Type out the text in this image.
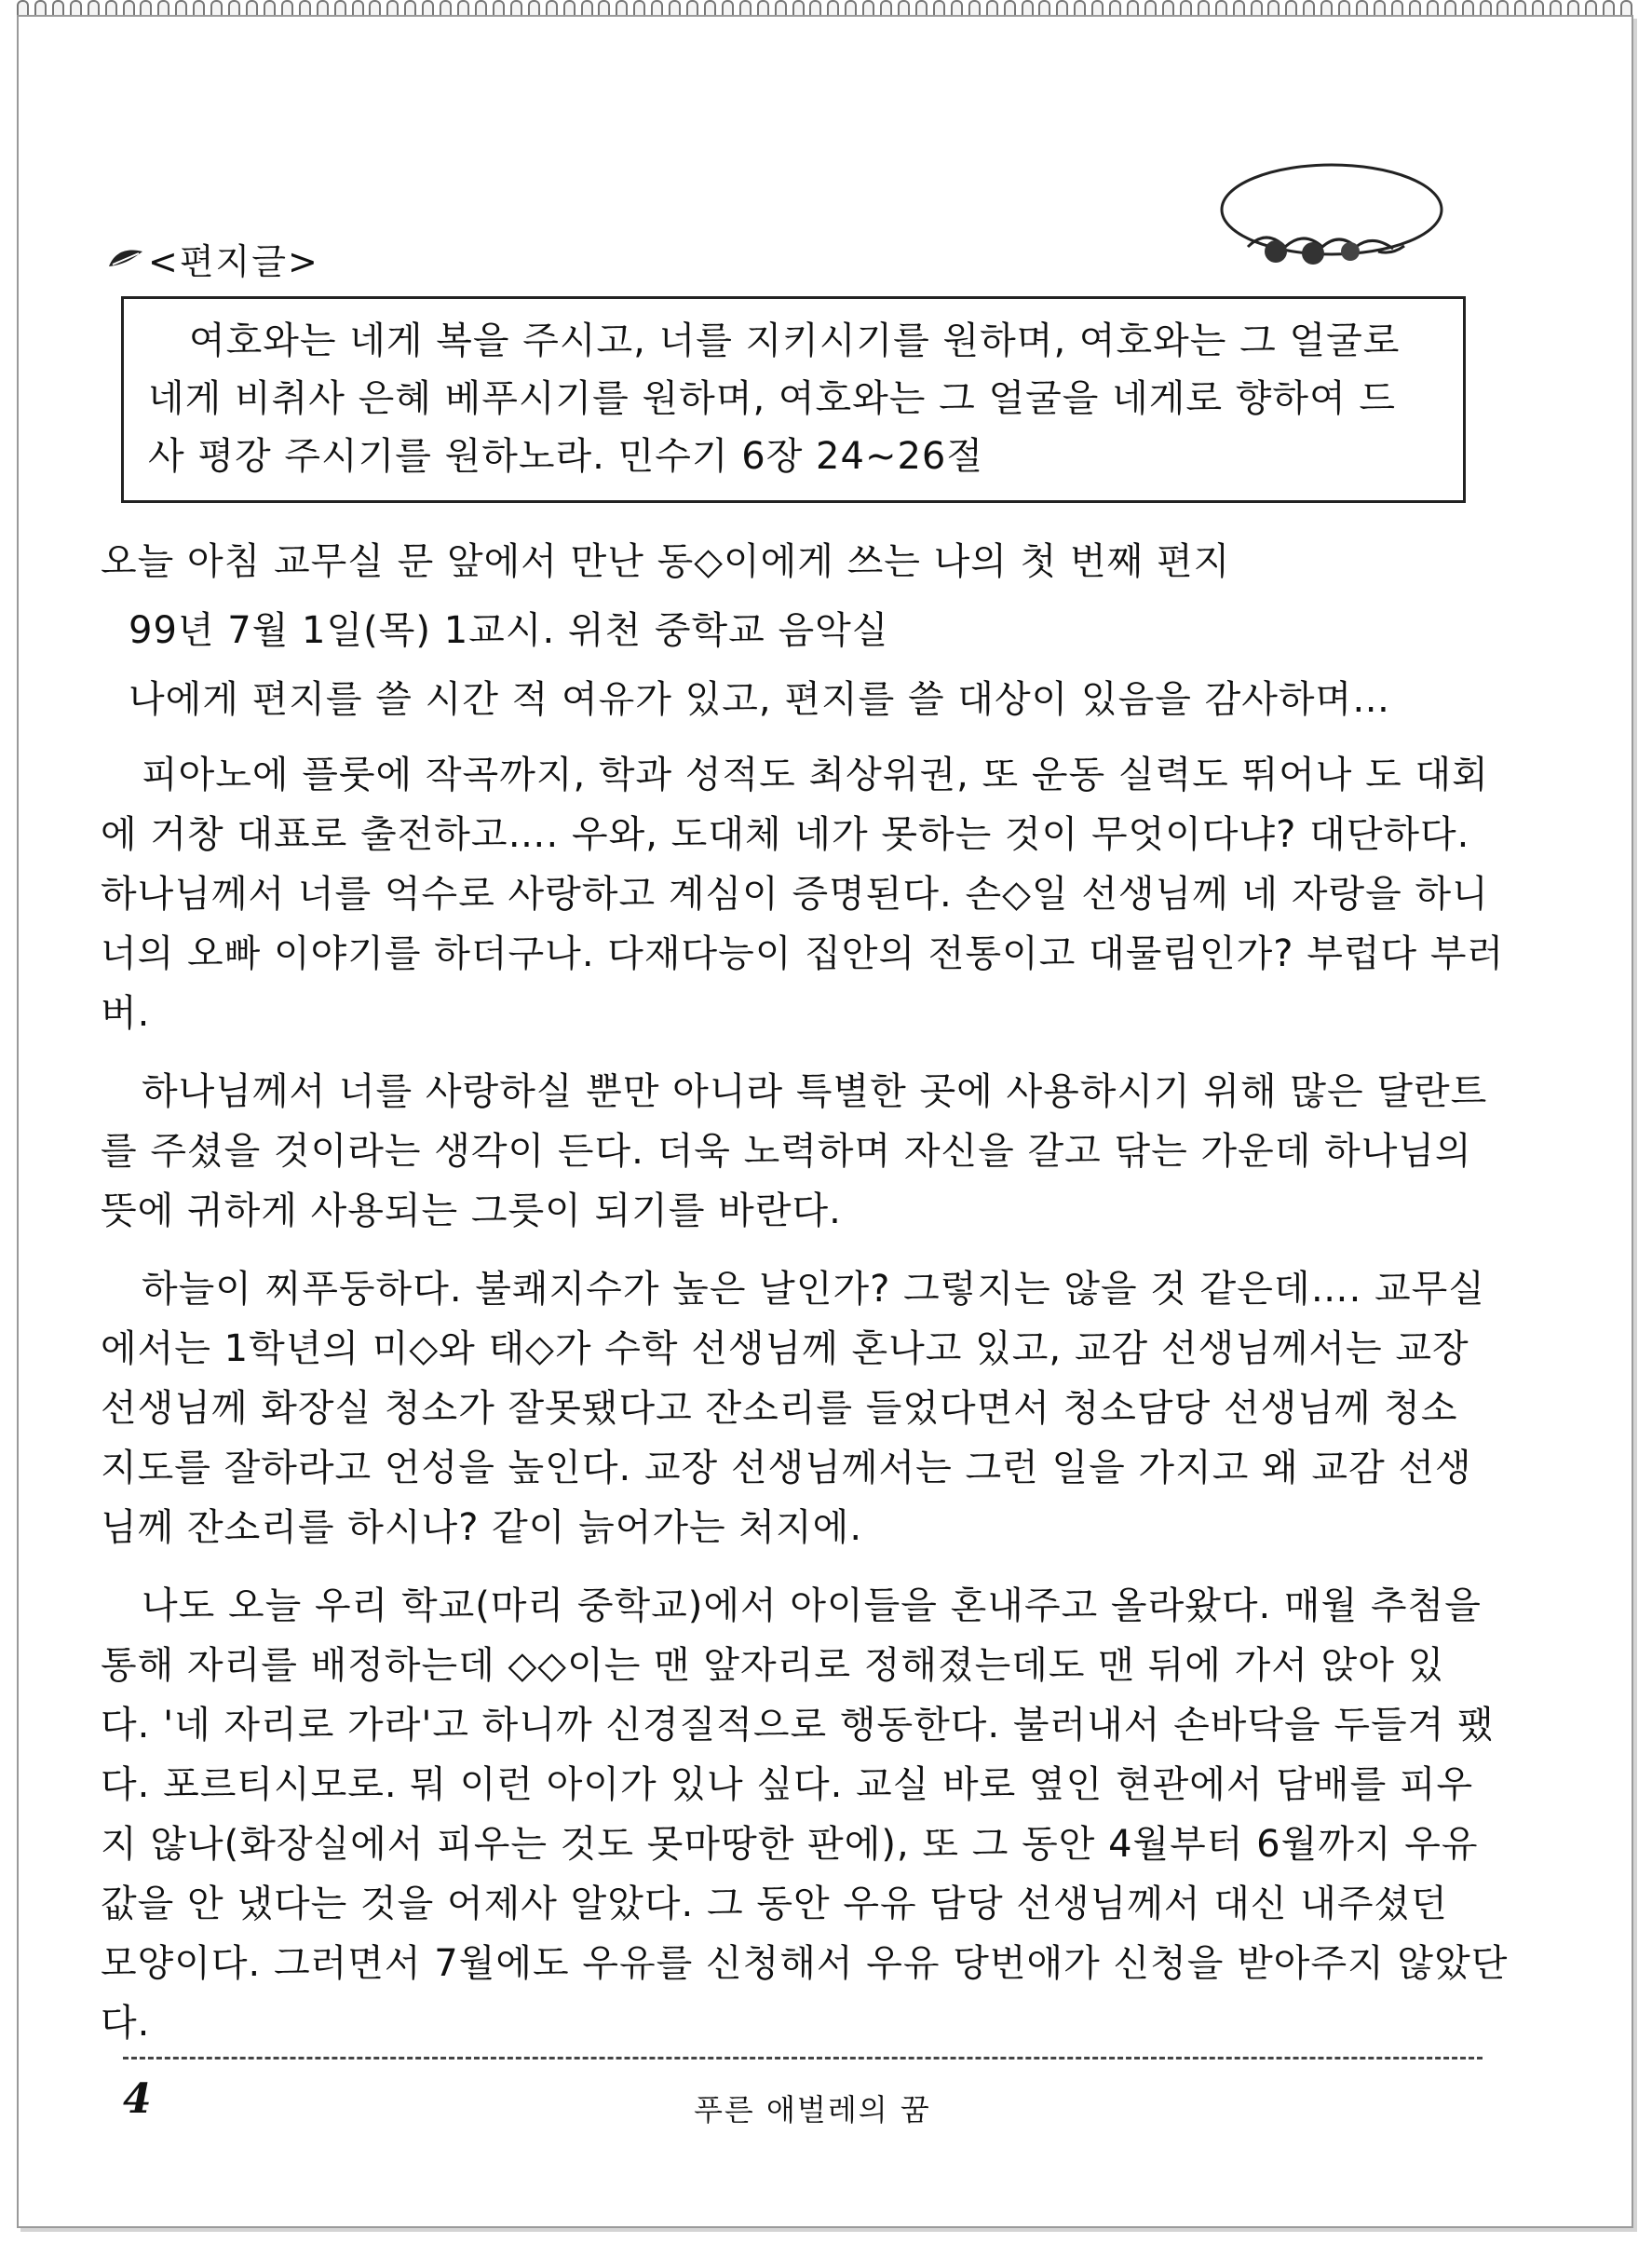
<편지글>
여호와는 네게 복을 주시고, 너를 지키시기를 원하며, 여호와는 그 얼굴로
네게 비취사 은혜 베푸시기를 원하며, 여호와는 그 얼굴을 네게로 향하여 드
사 평강 주시기를 원하노라. 민수기 6장 24~26절
오늘 아침 교무실 문 앞에서 만난 동◇이에게 쓰는 나의 첫 번째 편지
99년 7월 1일(목) 1교시. 위천 중학교 음악실
나에게 편지를 쓸 시간 적 여유가 있고, 편지를 쓸 대상이 있음을 감사하며…
피아노에 플룻에 작곡까지, 학과 성적도 최상위권, 또 운동 실력도 뛰어나 도 대회
에 거창 대표로 출전하고…. 우와, 도대체 네가 못하는 것이 무엇이다냐? 대단하다.
하나님께서 너를 억수로 사랑하고 계심이 증명된다. 손◇일 선생님께 네 자랑을 하니
너의 오빠 이야기를 하더구나. 다재다능이 집안의 전통이고 대물림인가? 부럽다 부러
버.
하나님께서 너를 사랑하실 뿐만 아니라 특별한 곳에 사용하시기 위해 많은 달란트
를 주셨을 것이라는 생각이 든다. 더욱 노력하며 자신을 갈고 닦는 가운데 하나님의
뜻에 귀하게 사용되는 그릇이 되기를 바란다.
하늘이 찌푸둥하다. 불쾌지수가 높은 날인가? 그렇지는 않을 것 같은데…. 교무실
에서는 1학년의 미◇와 태◇가 수학 선생님께 혼나고 있고, 교감 선생님께서는 교장
선생님께 화장실 청소가 잘못됐다고 잔소리를 들었다면서 청소담당 선생님께 청소
지도를 잘하라고 언성을 높인다. 교장 선생님께서는 그런 일을 가지고 왜 교감 선생
님께 잔소리를 하시나? 같이 늙어가는 처지에.
나도 오늘 우리 학교(마리 중학교)에서 아이들을 혼내주고 올라왔다. 매월 추첨을
통해 자리를 배정하는데 ◇◇이는 맨 앞자리로 정해졌는데도 맨 뒤에 가서 앉아 있
다. '네 자리로 가라'고 하니까 신경질적으로 행동한다. 불러내서 손바닥을 두들겨 팼
다. 포르티시모로. 뭐 이런 아이가 있나 싶다. 교실 바로 옆인 현관에서 담배를 피우
지 않나(화장실에서 피우는 것도 못마땅한 판에), 또 그 동안 4월부터 6월까지 우유
값을 안 냈다는 것을 어제사 알았다. 그 동안 우유 담당 선생님께서 대신 내주셨던
모양이다. 그러면서 7월에도 우유를 신청해서 우유 당번애가 신청을 받아주지 않았단
다.
4	푸른 애벌레의 꿈
